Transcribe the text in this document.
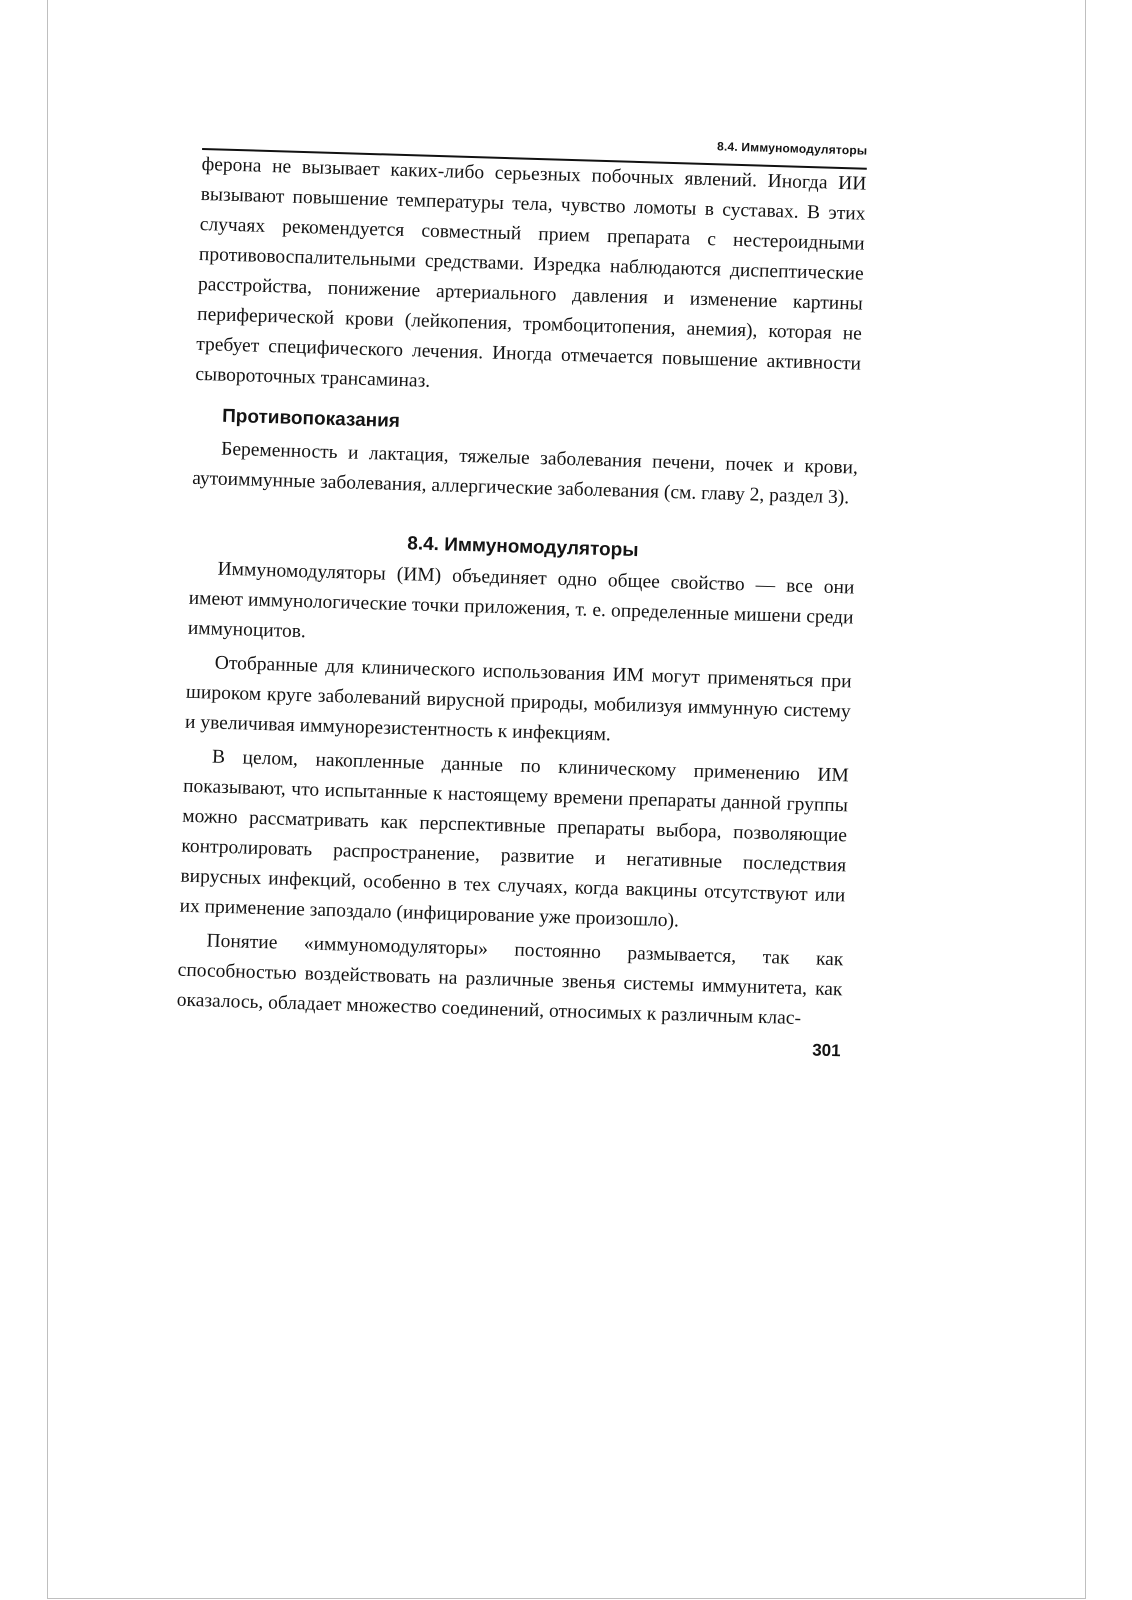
8.4. Иммуномодуляторы

ферона не вызывает каких-либо серьезных побочных явлений. Иногда ИИ вызывают повышение температуры тела, чувство ломоты в суставах. В этих случаях рекомендуется совместный прием препарата с нестероидными противовоспалительными средствами. Изредка наблюдаются диспептические расстройства, понижение артериального давления и изменение картины периферической крови (лейкопения, тромбоцитопения, анемия), которая не требует специфического лечения. Иногда отмечается повышение активности сывороточных трансаминаз.

Противопоказания

Беременность и лактация, тяжелые заболевания печени, почек и крови, аутоиммунные заболевания, аллергические заболевания (см. главу 2, раздел 3).

8.4. Иммуномодуляторы

Иммуномодуляторы (ИМ) объединяет одно общее свойство — все они имеют иммунологические точки приложения, т. е. определенные мишени среди иммуноцитов.

Отобранные для клинического использования ИМ могут применяться при широком круге заболеваний вирусной природы, мобилизуя иммунную систему и увеличивая иммунорезистентность к инфекциям.

В целом, накопленные данные по клиническому применению ИМ показывают, что испытанные к настоящему времени препараты данной группы можно рассматривать как перспективные препараты выбора, позволяющие контролировать распространение, развитие и негативные последствия вирусных инфекций, особенно в тех случаях, когда вакцины отсутствуют или их применение запоздало (инфицирование уже произошло).

Понятие «иммуномодуляторы» постоянно размывается, так как способностью воздействовать на различные звенья системы иммунитета, как оказалось, обладает множество соединений, относимых к различным клас-

301
